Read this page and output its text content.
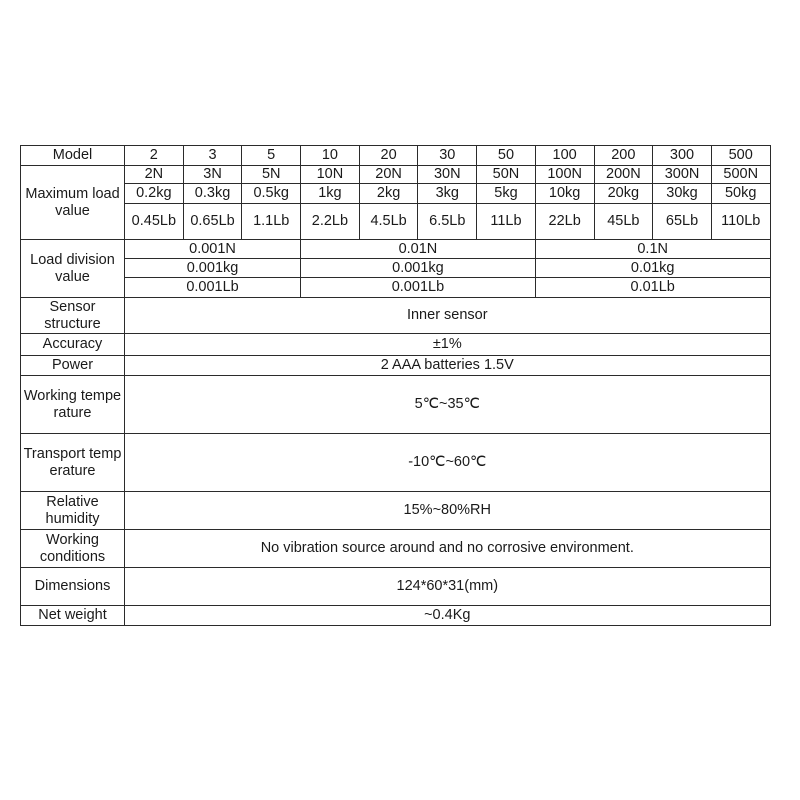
Model	2	3	5	10	20	30	50	100	200	300	500
Maximum load value	2N	3N	5N	10N	20N	30N	50N	100N	200N	300N	500N
	0.2kg	0.3kg	0.5kg	1kg	2kg	3kg	5kg	10kg	20kg	30kg	50kg
	0.45Lb	0.65Lb	1.1Lb	2.2Lb	4.5Lb	6.5Lb	11Lb	22Lb	45Lb	65Lb	110Lb
Load division value	0.001N			0.01N				0.1N			
	0.001kg			0.001kg				0.01kg			
	0.001Lb			0.001Lb				0.01Lb			
Sensor structure	Inner sensor										
Accuracy	±1%										
Power	2 AAA batteries 1.5V										
Working temperature	5℃~35℃										
Transport temperature	-10℃~60℃										
Relative humidity	15%~80%RH										
Working conditions	No vibration source around and no corrosive environment.										
Dimensions	124*60*31(mm)										
Net weight	~0.4Kg										
